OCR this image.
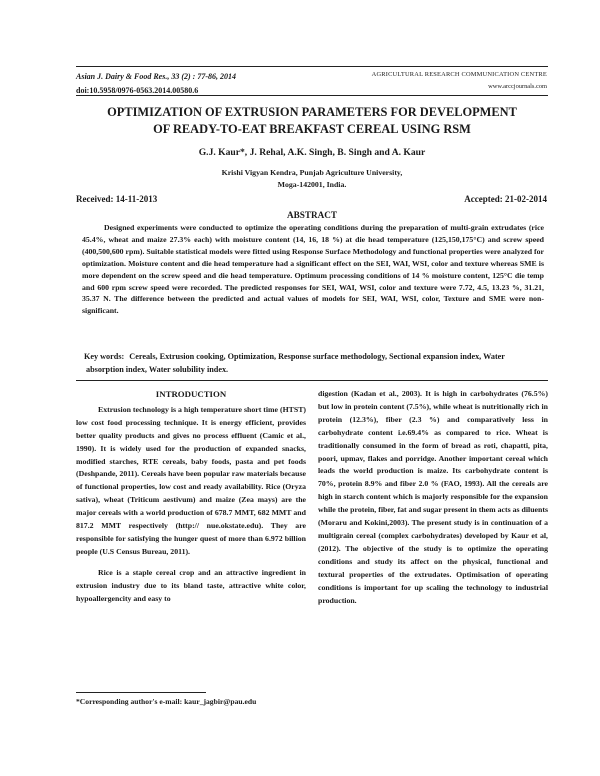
Asian J. Dairy & Food Res., 33 (2) : 77-86, 2014
doi:10.5958/0976-0563.2014.00580.6
AGRICULTURAL RESEARCH COMMUNICATION CENTRE
www.arccjournals.com
OPTIMIZATION OF EXTRUSION PARAMETERS FOR DEVELOPMENT
OF READY-TO-EAT BREAKFAST CEREAL USING RSM
G.J. Kaur*, J. Rehal, A.K. Singh, B. Singh and A. Kaur
Krishi Vigyan Kendra, Punjab Agriculture University,
Moga-142001, India.
Received: 14-11-2013	Accepted: 21-02-2014
ABSTRACT

Designed experiments were conducted to optimize the operating conditions during the preparation of multi-grain extrudates (rice 45.4%, wheat and maize 27.3% each) with moisture content (14, 16, 18 %) at die head temperature (125,150,175°C) and screw speed (400,500,600 rpm). Suitable statistical models were fitted using Response Surface Methodology and functional properties were analyzed for optimization. Moisture content and die head temperature had a significant effect on the SEI, WAI, WSI, color and texture whereas SME is more dependent on the screw speed and die head temperature. Optimum processing conditions of 14 % moisture content, 125°C die temp and 600 rpm screw speed were recorded. The predicted responses for SEI, WAI, WSI, color and texture were 7.72, 4.5, 13.23 %, 31.21, 35.37 N. The difference between the predicted and actual values of models for SEI, WAI, WSI, color, Texture and SME were non-significant.

Key words: Cereals, Extrusion cooking, Optimization, Response surface methodology, Sectional expansion index, Water absorption index, Water solubility index.
INTRODUCTION

Extrusion technology is a high temperature short time (HTST) low cost food processing technique. It is energy efficient, provides better quality products and gives no process effluent (Camic et al., 1990). It is widely used for the production of expanded snacks, modified starches, RTE cereals, baby foods, pasta and pet foods (Deshpande, 2011). Cereals have been popular raw materials because of functional properties, low cost and ready availability. Rice (Oryza sativa), wheat (Triticum aestivum) and maize (Zea mays) are the major cereals with a world production of 678.7 MMT, 682 MMT and 817.2 MMT respectively (http:// nue.okstate.edu). They are responsible for satisfying the hunger quest of more than 6.972 billion people (U.S Census Bureau, 2011).

Rice is a staple cereal crop and an attractive ingredient in extrusion industry due to its bland taste, attractive white color, hypoallergencity and easy to

digestion (Kadan et al., 2003). It is high in carbohydrates (76.5%) but low in protein content (7.5%), while wheat is nutritionally rich in protein (12.3%), fiber (2.3 %) and comparatively less in carbohydrate content i.e.69.4% as compared to rice. Wheat is traditionally consumed in the form of bread as roti, chapatti, pita, poori, upmav, flakes and porridge. Another important cereal which leads the world production is maize. Its carbohydrate content is 70%, protein 8.9% and fiber 2.0 % (FAO, 1993). All the cereals are high in starch content which is majorly responsible for the expansion while the protein, fiber, fat and sugar present in them acts as diluents (Moraru and Kokini,2003). The present study is in continuation of a multigrain cereal (complex carbohydrates) developed by Kaur et al, (2012). The objective of the study is to optimize the operating conditions and study its affect on the physical, functional and textural properties of the extrudates. Optimisation of operating conditions is important for up scaling the technology to industrial production.

*Corresponding author's e-mail: kaur_jagbir@pau.edu
